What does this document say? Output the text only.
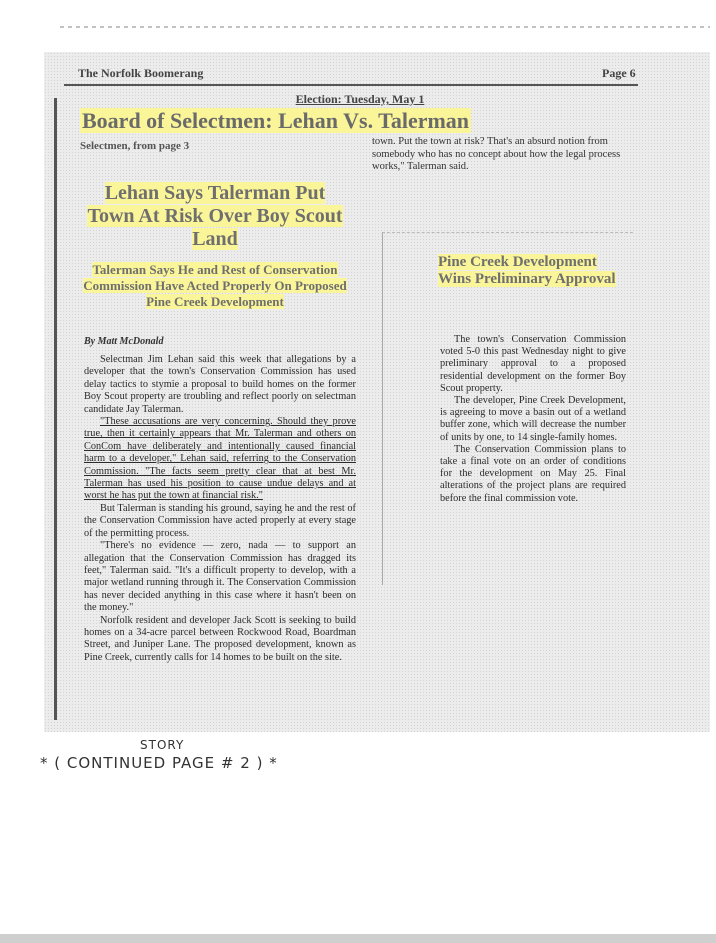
The Norfolk Boomerang	Page 6
Election: Tuesday, May 1
Board of Selectmen: Lehan Vs. Talerman
Selectmen, from page 3	town. Put the town at risk? That's an absurd notion from somebody who has no concept about how the legal process works," Talerman said.
Lehan Says Talerman Put Town At Risk Over Boy Scout Land
Talerman Says He and Rest of Conservation Commission Have Acted Properly On Proposed Pine Creek Development
By Matt McDonald

Selectman Jim Lehan said this week that allegations by a developer that the town's Conservation Commission has used delay tactics to stymie a proposal to build homes on the former Boy Scout property are troubling and reflect poorly on selectman candidate Jay Talerman.

"These accusations are very concerning. Should they prove true, then it certainly appears that Mr. Talerman and others on ConCom have deliberately and intentionally caused financial harm to a developer," Lehan said, referring to the Conservation Commission. "The facts seem pretty clear that at best Mr. Talerman has used his position to cause undue delays and at worst he has put the town at financial risk."

But Talerman is standing his ground, saying he and the rest of the Conservation Commission have acted properly at every stage of the permitting process.

"There's no evidence — zero, nada — to support an allegation that the Conservation Commission has dragged its feet," Talerman said. "It's a difficult property to develop, with a major wetland running through it. The Conservation Commission has never decided anything in this case where it hasn't been on the money."

Norfolk resident and developer Jack Scott is seeking to build homes on a 34-acre parcel between Rockwood Road, Boardman Street, and Juniper Lane. The proposed development, known as Pine Creek, currently calls for 14 homes to be built on the site.

Pine Creek Development Wins Preliminary Approval

The town's Conservation Commission voted 5-0 this past Wednesday night to give preliminary approval to a proposed residential development on the former Boy Scout property.

The developer, Pine Creek Development, is agreeing to move a basin out of a wetland buffer zone, which will decrease the number of units by one, to 14 single-family homes.

The Conservation Commission plans to take a final vote on an order of conditions for the development on May 25. Final alterations of the project plans are required before the final commission vote.

STORY
* ( CONTINUED PAGE # 2 ) *
